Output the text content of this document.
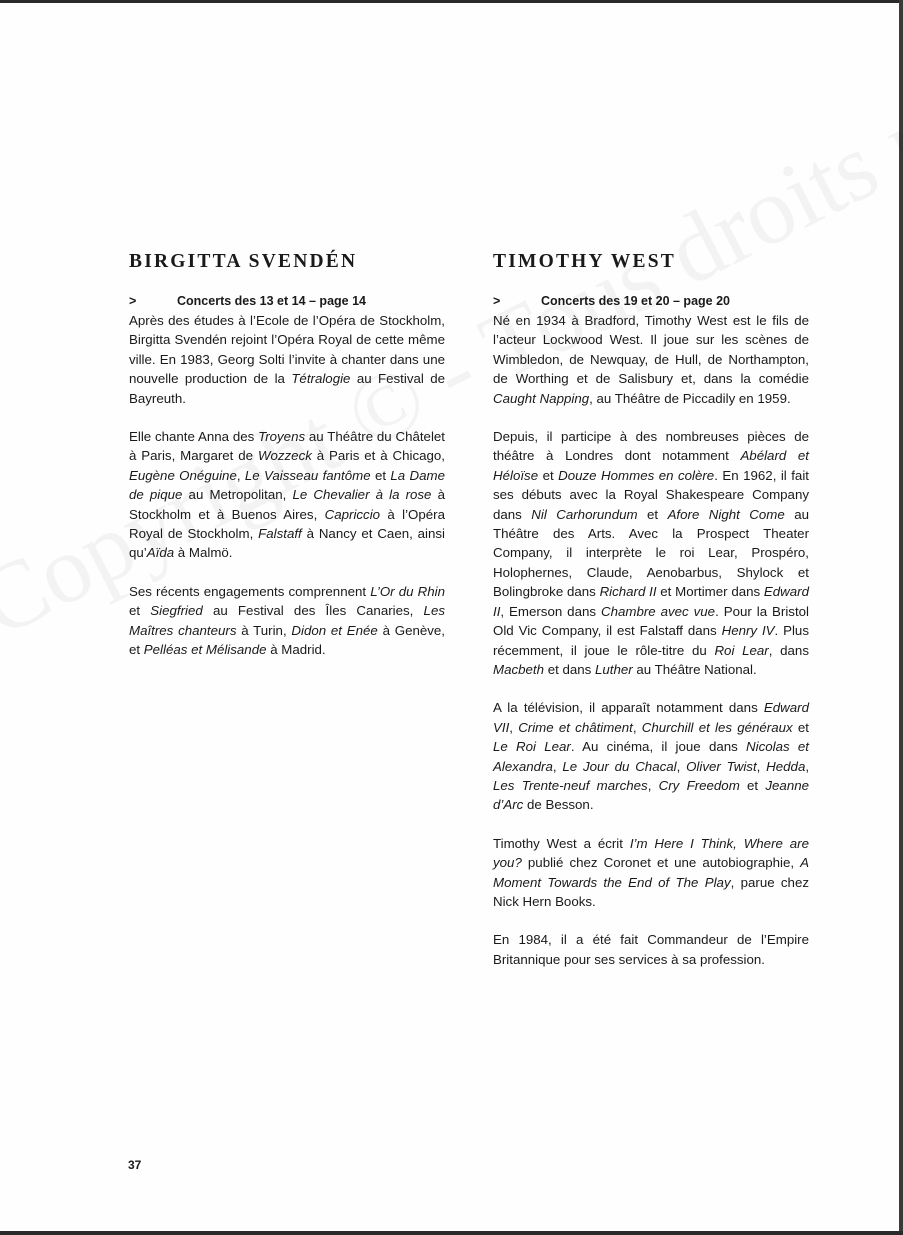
BIRGITTA SVENDÉN
>	Concerts des 13 et 14 – page 14

Après des études à l’Ecole de l’Opéra de Stockholm, Birgitta Svendén rejoint l’Opéra Royal de cette même ville. En 1983, Georg Solti l’invite à chanter dans une nouvelle production de la Tétralogie au Festival de Bayreuth.

Elle chante Anna des Troyens au Théâtre du Châtelet à Paris, Margaret de Wozzeck à Paris et à Chicago, Eugène Onéguine, Le Vaisseau fantôme et La Dame de pique au Metropolitan, Le Chevalier à la rose à Stockholm et à Buenos Aires, Capriccio à l’Opéra Royal de Stockholm, Falstaff à Nancy et Caen, ainsi qu’Aïda à Malmö.

Ses récents engagements comprennent L’Or du Rhin et Siegfried au Festival des Îles Canaries, Les Maîtres chanteurs à Turin, Didon et Enée à Genève, et Pelléas et Mélisande à Madrid.

TIMOTHY WEST
>	Concerts des 19 et 20 – page 20

Né en 1934 à Bradford, Timothy West est le fils de l’acteur Lockwood West. Il joue sur les scènes de Wimbledon, de Newquay, de Hull, de Northampton, de Worthing et de Salisbury et, dans la comédie Caught Napping, au Théâtre de Piccadily en 1959.

Depuis, il participe à des nombreuses pièces de théâtre à Londres dont notamment Abélard et Héloïse et Douze Hommes en colère. En 1962, il fait ses débuts avec la Royal Shakespeare Company dans Nil Carhorundum et Afore Night Come au Théâtre des Arts. Avec la Prospect Theater Company, il interprète le roi Lear, Prospéro, Holophernes, Claude, Aenobarbus, Shylock et Bolingbroke dans Richard II et Mortimer dans Edward II, Emerson dans Chambre avec vue. Pour la Bristol Old Vic Company, il est Falstaff dans Henry IV. Plus récemment, il joue le rôle-titre du Roi Lear, dans Macbeth et dans Luther au Théâtre National.

A la télévision, il apparaît notamment dans Edward VII, Crime et châtiment, Churchill et les généraux et Le Roi Lear. Au cinéma, il joue dans Nicolas et Alexandra, Le Jour du Chacal, Oliver Twist, Hedda, Les Trente-neuf marches, Cry Freedom et Jeanne d’Arc de Besson.

Timothy West a écrit I’m Here I Think, Where are you? publié chez Coronet et une autobiographie, A Moment Towards the End of The Play, parue chez Nick Hern Books.

En 1984, il a été fait Commandeur de l’Empire Britannique pour ses services à sa profession.

37
